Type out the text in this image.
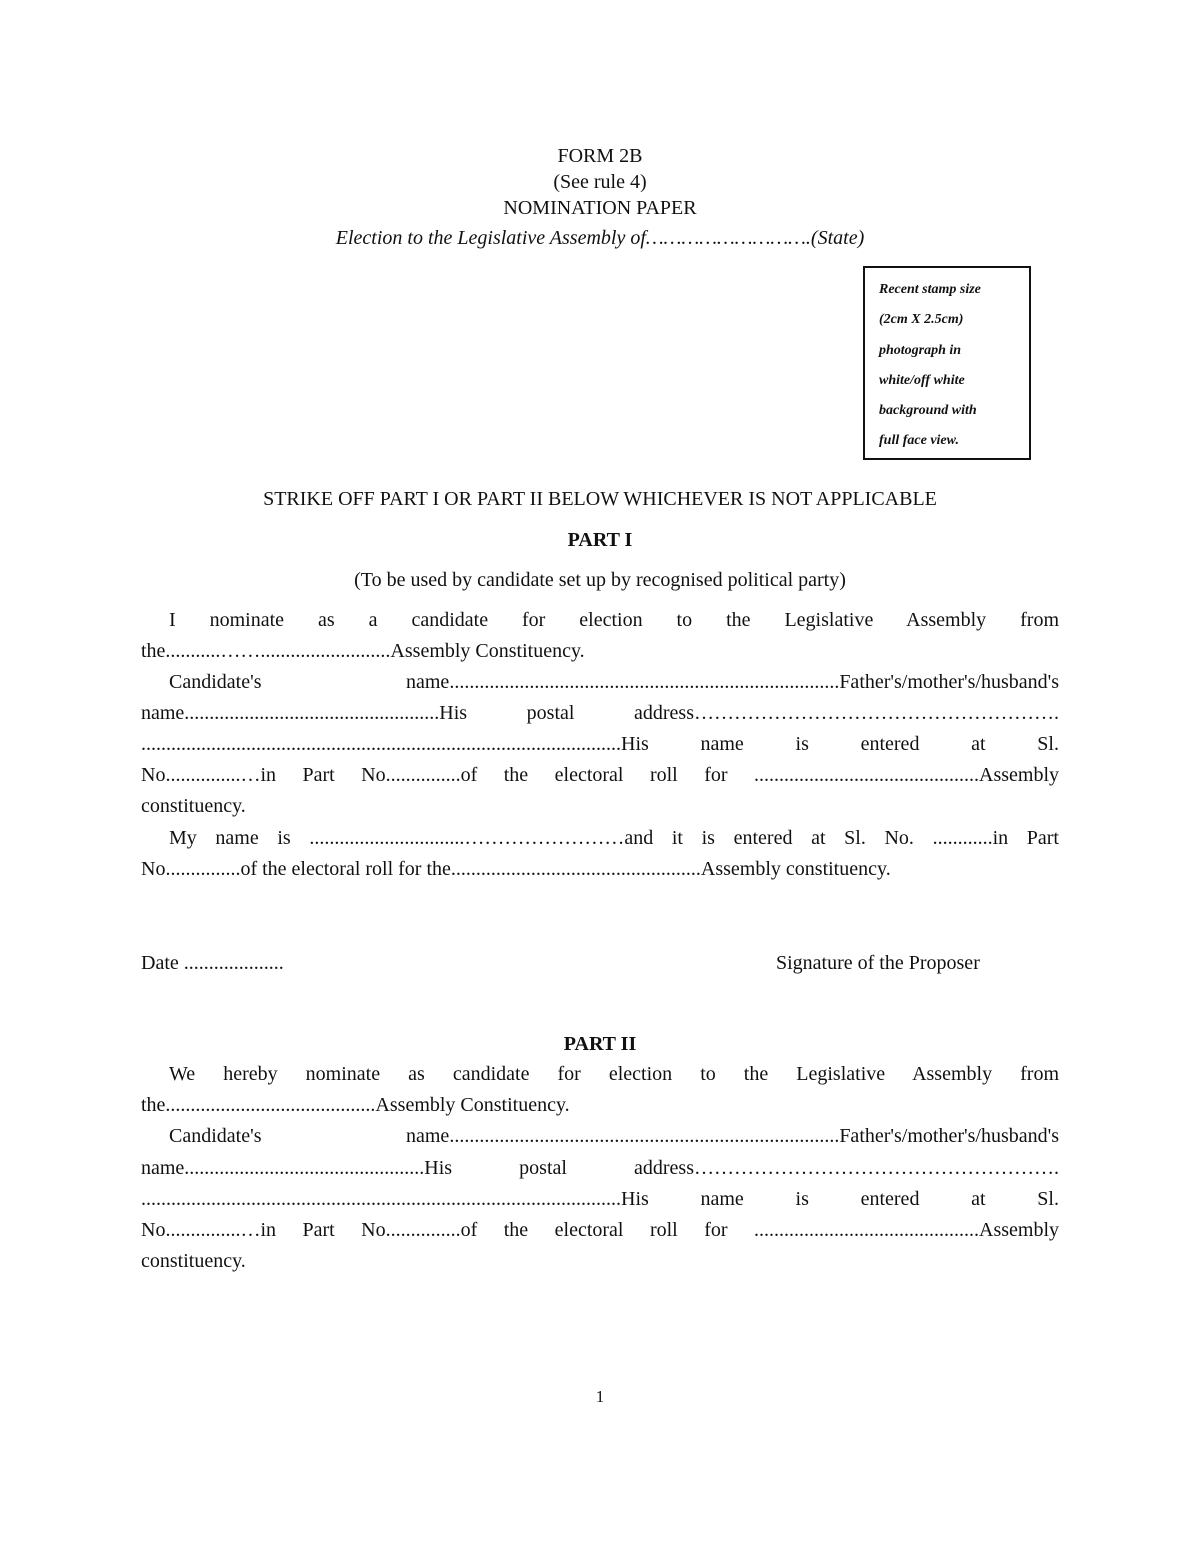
FORM 2B
(See rule 4)
NOMINATION PAPER
Election to the Legislative Assembly of……………………….(State)
Recent stamp size
(2cm X 2.5cm)
photograph in
white/off white
background with
full face view.
STRIKE OFF PART I OR PART II BELOW WHICHEVER IS NOT APPLICABLE
PART I
(To be used by candidate set up by recognised political party)
I nominate as a candidate for election to the Legislative Assembly from
the...........……..........................Assembly Constituency.
Candidate's name..............................................................................Father's/mother's/husband's
name...................................................His postal address……………………………………………….
................................................................................................His name is entered at Sl.
No...............…in Part No...............of the electoral roll for .............................................Assembly
constituency.
My name is ...............................……………………and it is entered at Sl. No. ............in Part
No...............of the electoral roll for the..................................................Assembly constituency.
Date ....................	Signature of the Proposer
PART II
We hereby nominate as candidate for election to the Legislative Assembly from
the..........................................Assembly Constituency.
Candidate's name..............................................................................Father's/mother's/husband's
name................................................His postal address……………………………………………….
................................................................................................His name is entered at Sl.
No...............…in Part No...............of the electoral roll for .............................................Assembly
constituency.
1
